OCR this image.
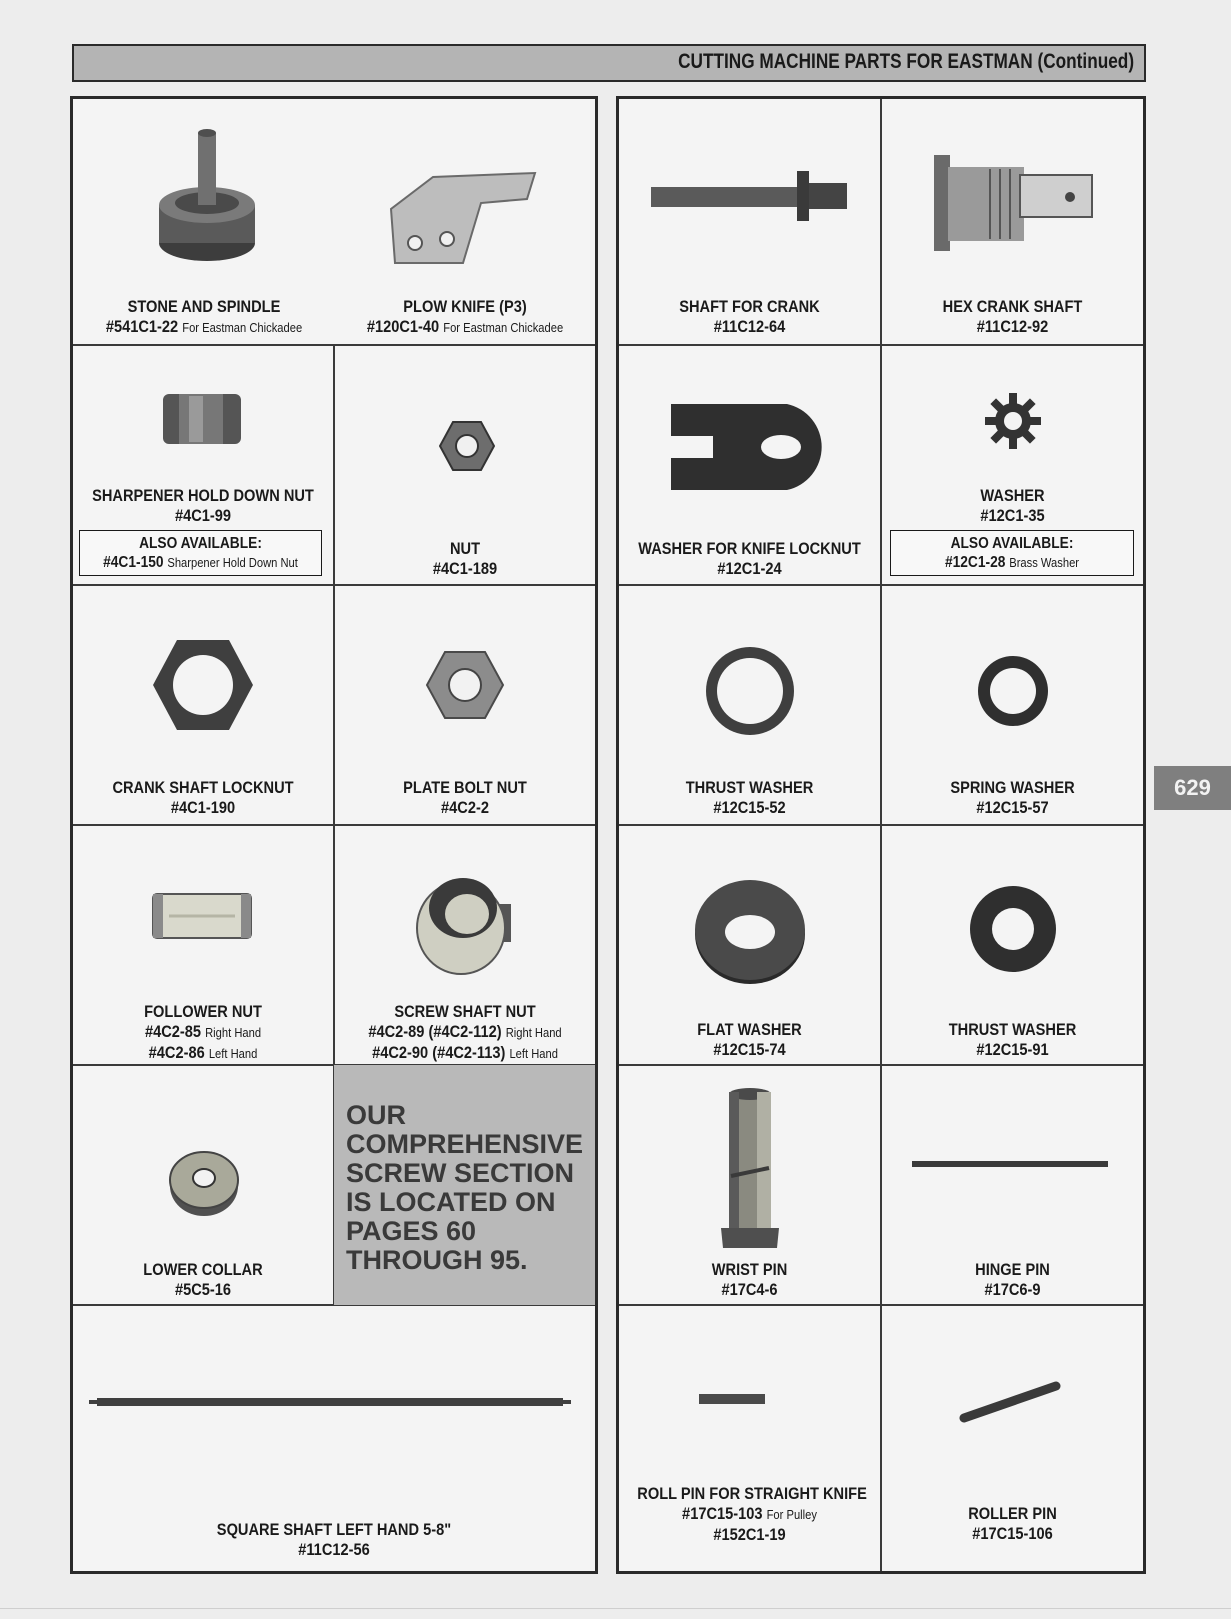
CUTTING MACHINE PARTS FOR EASTMAN (Continued)
STONE AND SPINDLE
#541C1-22 For Eastman Chickadee
PLOW KNIFE (P3)
#120C1-40 For Eastman Chickadee
SHARPENER HOLD DOWN NUT
#4C1-99
ALSO AVAILABLE:
#4C1-150 Sharpener Hold Down Nut
NUT
#4C1-189
CRANK SHAFT LOCKNUT
#4C1-190
PLATE BOLT NUT
#4C2-2
FOLLOWER NUT
#4C2-85 Right Hand
#4C2-86 Left Hand
SCREW SHAFT NUT
#4C2-89 (#4C2-112) Right Hand
#4C2-90 (#4C2-113) Left Hand
LOWER COLLAR
#5C5-16
OUR COMPREHENSIVE SCREW SECTION IS LOCATED ON PAGES 60 THROUGH 95.
SQUARE SHAFT LEFT HAND 5-8"
#11C12-56
SHAFT FOR CRANK
#11C12-64
HEX CRANK SHAFT
#11C12-92
WASHER FOR KNIFE LOCKNUT
#12C1-24
WASHER
#12C1-35
ALSO AVAILABLE:
#12C1-28 Brass Washer
THRUST WASHER
#12C15-52
SPRING WASHER
#12C15-57
FLAT WASHER
#12C15-74
THRUST WASHER
#12C15-91
WRIST PIN
#17C4-6
HINGE PIN
#17C6-9
ROLL PIN FOR STRAIGHT KNIFE
#17C15-103 For Pulley
#152C1-19
ROLLER PIN
#17C15-106
629
